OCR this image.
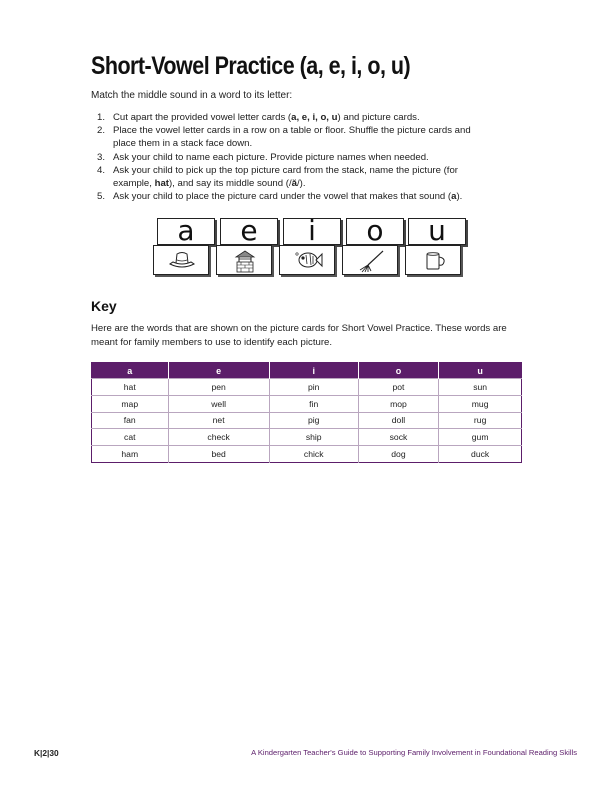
Short-Vowel Practice (a, e, i, o, u)

Match the middle sound in a word to its letter:

1. Cut apart the provided vowel letter cards (a, e, i, o, u) and picture cards.
2. Place the vowel letter cards in a row on a table or floor. Shuffle the picture cards and
place them in a stack face down.
3. Ask your child to name each picture. Provide picture names when needed.
4. Ask your child to pick up the top picture card from the stack, name the picture (for
example, hat), and say its middle sound (/ă/).
5. Ask your child to place the picture card under the vowel that makes that sound (a).
a	e	i	o	u
Key

Here are the words that are shown on the picture cards for Short Vowel Practice. These words are meant for family members to use to identify each picture.

a	e	i	o	u
hat	pen	pin	pot	sun
map	well	fin	mop	mug
fan	net	pig	doll	rug
cat	check	ship	sock	gum
ham	bed	chick	dog	duck

K|2|30	A Kindergarten Teacher's Guide to Supporting Family Involvement in Foundational Reading Skills
